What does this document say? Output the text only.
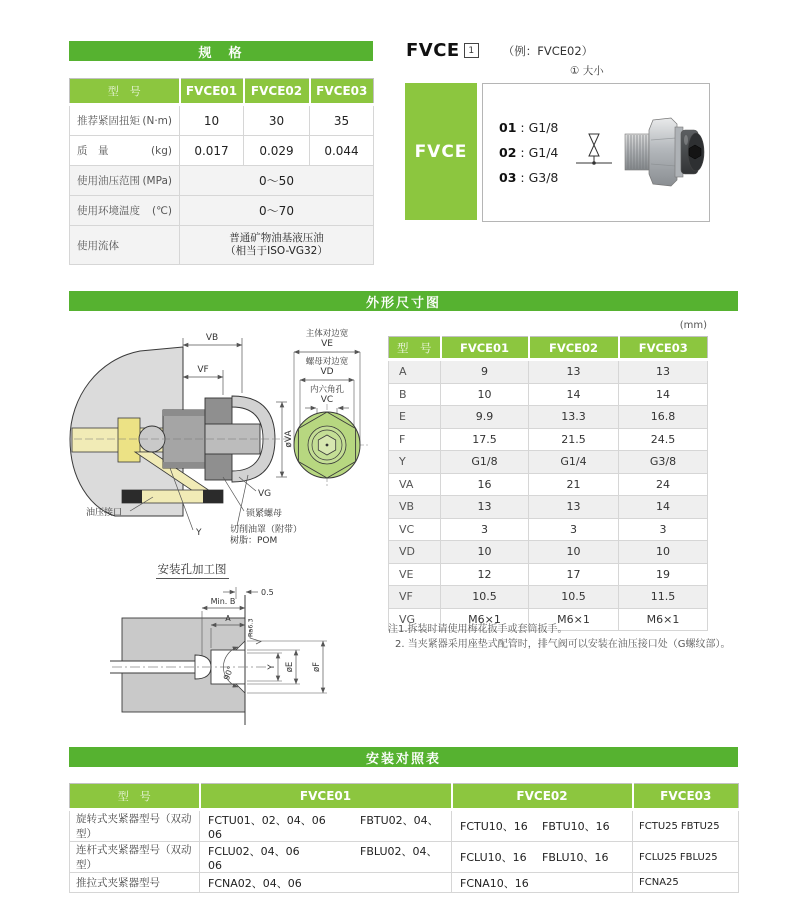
规　格
型　号	FVCE01	FVCE02	FVCE03

推荐紧固扭矩 (N·m)	10	30	35

质　量 (kg)	0.017	0.029	0.044

使用油压范围 (MPa)	0～50		

使用环境温度 (℃)	0～70		

使用流体	普通矿物油基液压油
（相当于ISO-VG32）		
FVCE 1	（例：FVCE02）
① 大小
FVCE
01 : G1/8
02 : G1/4
03 : G3/8
外形尺寸图
(mm)
VB
VF
øVA
VG
锁紧螺母
切削油罩（附带）
树脂：POM
Y
油压接口
主体对边宽
VE
螺母对边宽
VD
内六角孔
VC
安装孔加工图
0.5
Min. B
A Ra6.3
90°	Y øE øF
型　号	FVCE01	FVCE02	FVCE03
A	9	13	13
B	10	14	14
E	9.9	13.3	16.8
F	17.5	21.5	24.5
Y	G1/8	G1/4	G3/8
VA	16	21	24
VB	13	13	14
VC	3	3	3
VD	10	10	10
VE	12	17	19
VF	10.5	10.5	11.5
VG	M6×1	M6×1	M6×1
注1.拆装时请使用梅花扳手或套筒扳手。
2. 当夹紧器采用座垫式配管时，排气阀可以安装在油压接口处（G螺纹部）。
安装对照表
型　号	FVCE01	FVCE02	FVCE03
旋转式夹紧器型号（双动型）	FCTU01、02、04、06 FBTU02、04、06	FCTU10、16 FBTU10、16	FCTU25 FBTU25
连杆式夹紧器型号（双动型）	FCLU02、04、06 FBLU02、04、06	FCLU10、16 FBLU10、16	FCLU25 FBLU25
推拉式夹紧器型号	FCNA02、04、06	FCNA10、16	FCNA25
